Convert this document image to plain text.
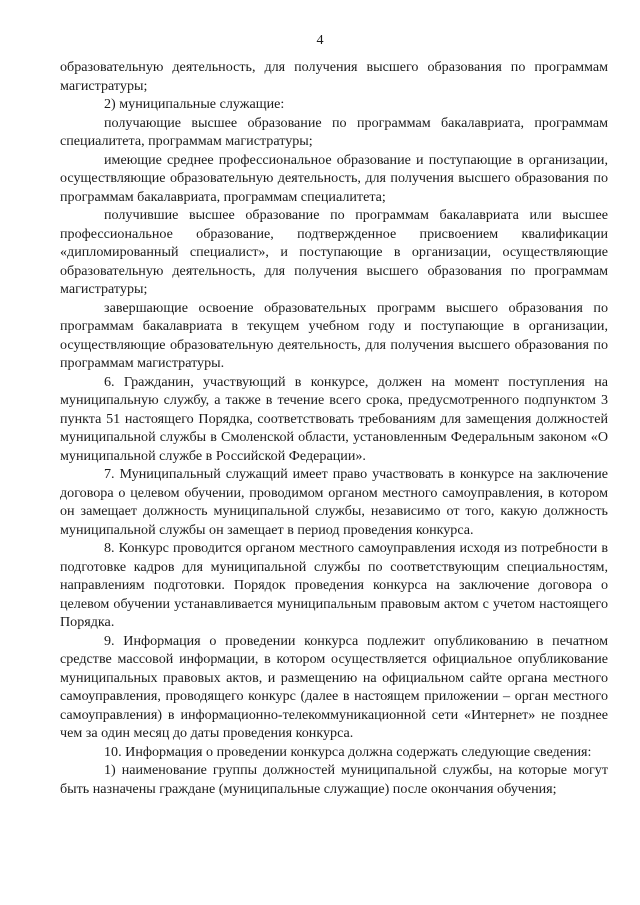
4

образовательную деятельность, для получения высшего образования по программам магистратуры;

2) муниципальные служащие:

получающие высшее образование по программам бакалавриата, программам специалитета, программам магистратуры;

имеющие среднее профессиональное образование и поступающие в организации, осуществляющие образовательную деятельность, для получения высшего образования по программам бакалавриата, программам специалитета;

получившие высшее образование по программам бакалавриата или высшее профессиональное образование, подтвержденное присвоением квалификации «дипломированный специалист», и поступающие в организации, осуществляющие образовательную деятельность, для получения высшего образования по программам магистратуры;

завершающие освоение образовательных программ высшего образования по программам бакалавриата в текущем учебном году и поступающие в организации, осуществляющие образовательную деятельность, для получения высшего образования по программам магистратуры.

6. Гражданин, участвующий в конкурсе, должен на момент поступления на муниципальную службу, а также в течение всего срока, предусмотренного подпунктом 3 пункта 51 настоящего Порядка, соответствовать требованиям для замещения должностей муниципальной службы в Смоленской области, установленным Федеральным законом «О муниципальной службе в Российской Федерации».

7. Муниципальный служащий имеет право участвовать в конкурсе на заключение договора о целевом обучении, проводимом органом местного самоуправления, в котором он замещает должность муниципальной службы, независимо от того, какую должность муниципальной службы он замещает в период проведения конкурса.

8. Конкурс проводится органом местного самоуправления исходя из потребности в подготовке кадров для муниципальной службы по соответствующим специальностям, направлениям подготовки. Порядок проведения конкурса на заключение договора о целевом обучении устанавливается муниципальным правовым актом с учетом настоящего Порядка.

9. Информация о проведении конкурса подлежит опубликованию в печатном средстве массовой информации, в котором осуществляется официальное опубликование муниципальных правовых актов, и размещению на официальном сайте органа местного самоуправления, проводящего конкурс (далее в настоящем приложении – орган местного самоуправления) в информационно-телекоммуникационной сети «Интернет» не позднее чем за один месяц до даты проведения конкурса.

10. Информация о проведении конкурса должна содержать следующие сведения:

1) наименование группы должностей муниципальной службы, на которые могут быть назначены граждане (муниципальные служащие) после окончания обучения;
